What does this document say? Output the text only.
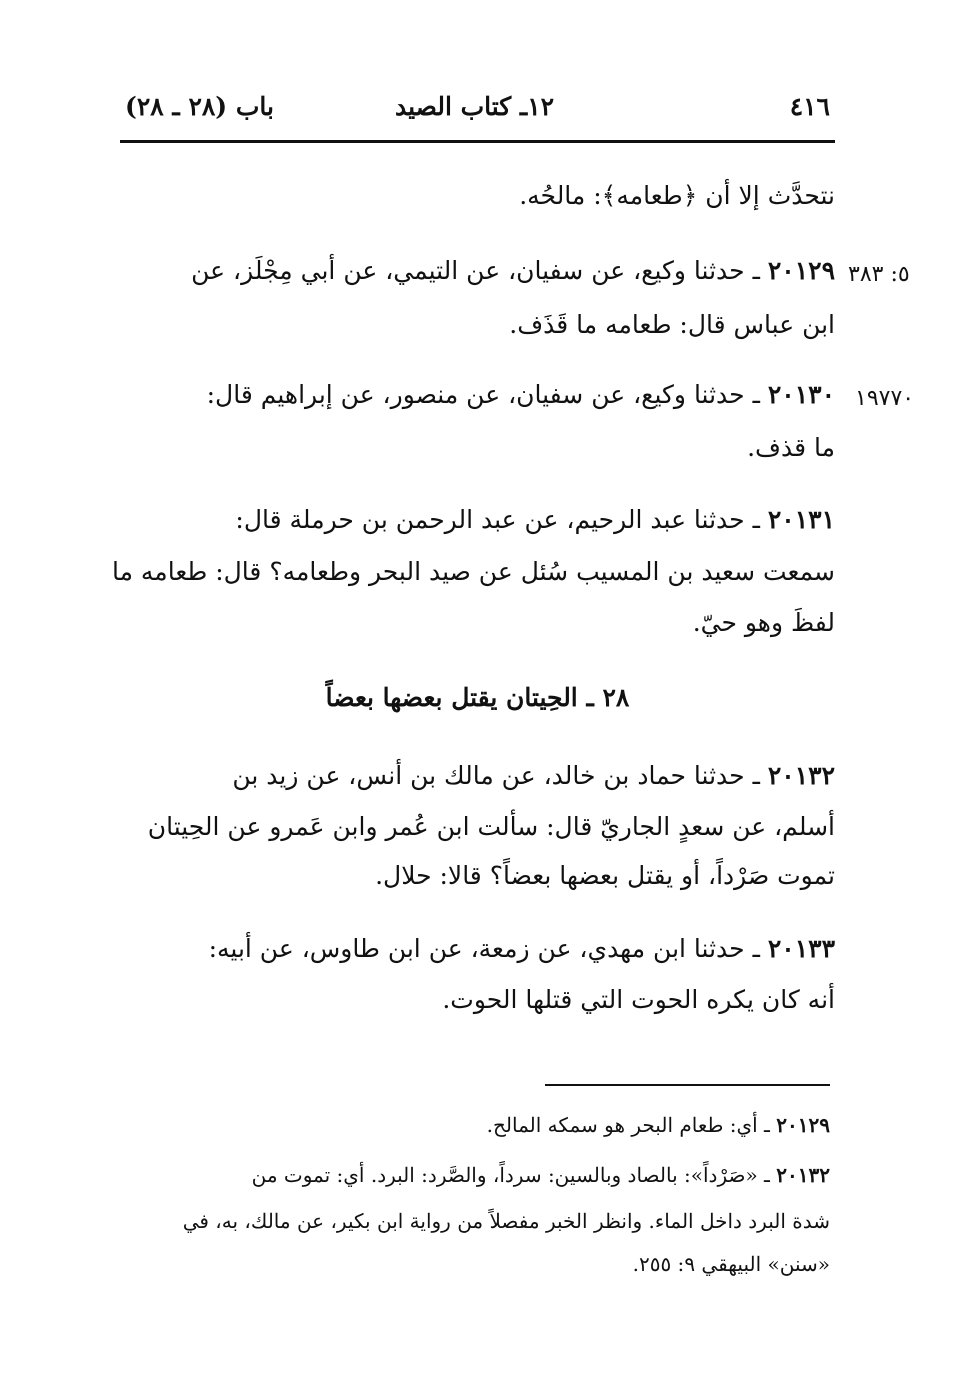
٤١٦
١٢ـ كتاب الصيد
باب (٢٨ ـ ٢٨)
نتحدَّث إلا أن ﴿طعامه﴾: مالحُه.
٥: ٣٨٣
٢٠١٢٩ ـ حدثنا وكيع، عن سفيان، عن التيمي، عن أبي مِجْلَز، عن
ابن عباس قال: طعامه ما قَذَف.
١٩٧٧٠
٢٠١٣٠ ـ حدثنا وكيع، عن سفيان، عن منصور، عن إبراهيم قال:
ما قذف.
٢٠١٣١ ـ حدثنا عبد الرحيم، عن عبد الرحمن بن حرملة قال:
سمعت سعيد بن المسيب سُئل عن صيد البحر وطعامه؟ قال: طعامه ما
لفظَ وهو حيّ.
٢٨ ـ الحِيتان يقتل بعضها بعضاً
٢٠١٣٢ ـ حدثنا حماد بن خالد، عن مالك بن أنس، عن زيد بن
أسلم، عن سعدٍ الجاريّ قال: سألت ابن عُمر وابن عَمرو عن الحِيتان
تموت صَرْداً، أو يقتل بعضها بعضاً؟ قالا: حلال.
٢٠١٣٣ ـ حدثنا ابن مهدي، عن زمعة، عن ابن طاوس، عن أبيه:
أنه كان يكره الحوت التي قتلها الحوت.
٢٠١٢٩ ـ أي: طعام البحر هو سمكه المالح.
٢٠١٣٢ ـ «صَرْداً»: بالصاد وبالسين: سرداً، والصَّرد: البرد. أي: تموت من
شدة البرد داخل الماء. وانظر الخبر مفصلاً من رواية ابن بكير، عن مالك، به، في
«سنن» البيهقي ٩: ٢٥٥.
